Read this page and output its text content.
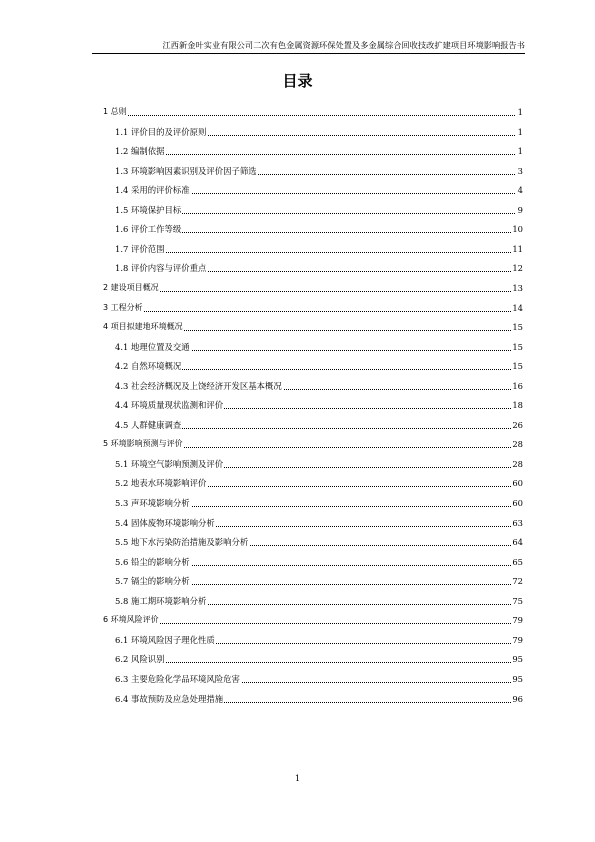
江西新金叶实业有限公司二次有色金属资源环保处置及多金属综合回收技改扩建项目环境影响报告书
目录
1 总则	1
1.1 评价目的及评价原则	1
1.2 编制依据	1
1.3 环境影响因素识别及评价因子筛选	3
1.4 采用的评价标准	4
1.5 环境保护目标	9
1.6 评价工作等级	10
1.7 评价范围	11
1.8 评价内容与评价重点	12
2 建设项目概况	13
3 工程分析	14
4 项目拟建地环境概况	15
4.1 地理位置及交通	15
4.2 自然环境概况	15
4.3 社会经济概况及上饶经济开发区基本概况	16
4.4 环境质量现状监测和评价	18
4.5 人群健康调查	26
5 环境影响预测与评价	28
5.1 环境空气影响预测及评价	28
5.2 地表水环境影响评价	60
5.3 声环境影响分析	60
5.4 固体废物环境影响分析	63
5.5 地下水污染防治措施及影响分析	64
5.6 铅尘的影响分析	65
5.7 镉尘的影响分析	72
5.8 施工期环境影响分析	75
6 环境风险评价	79
6.1 环境风险因子理化性质	79
6.2 风险识别	95
6.3 主要危险化学品环境风险危害	95
6.4 事故预防及应急处理措施	96
1
